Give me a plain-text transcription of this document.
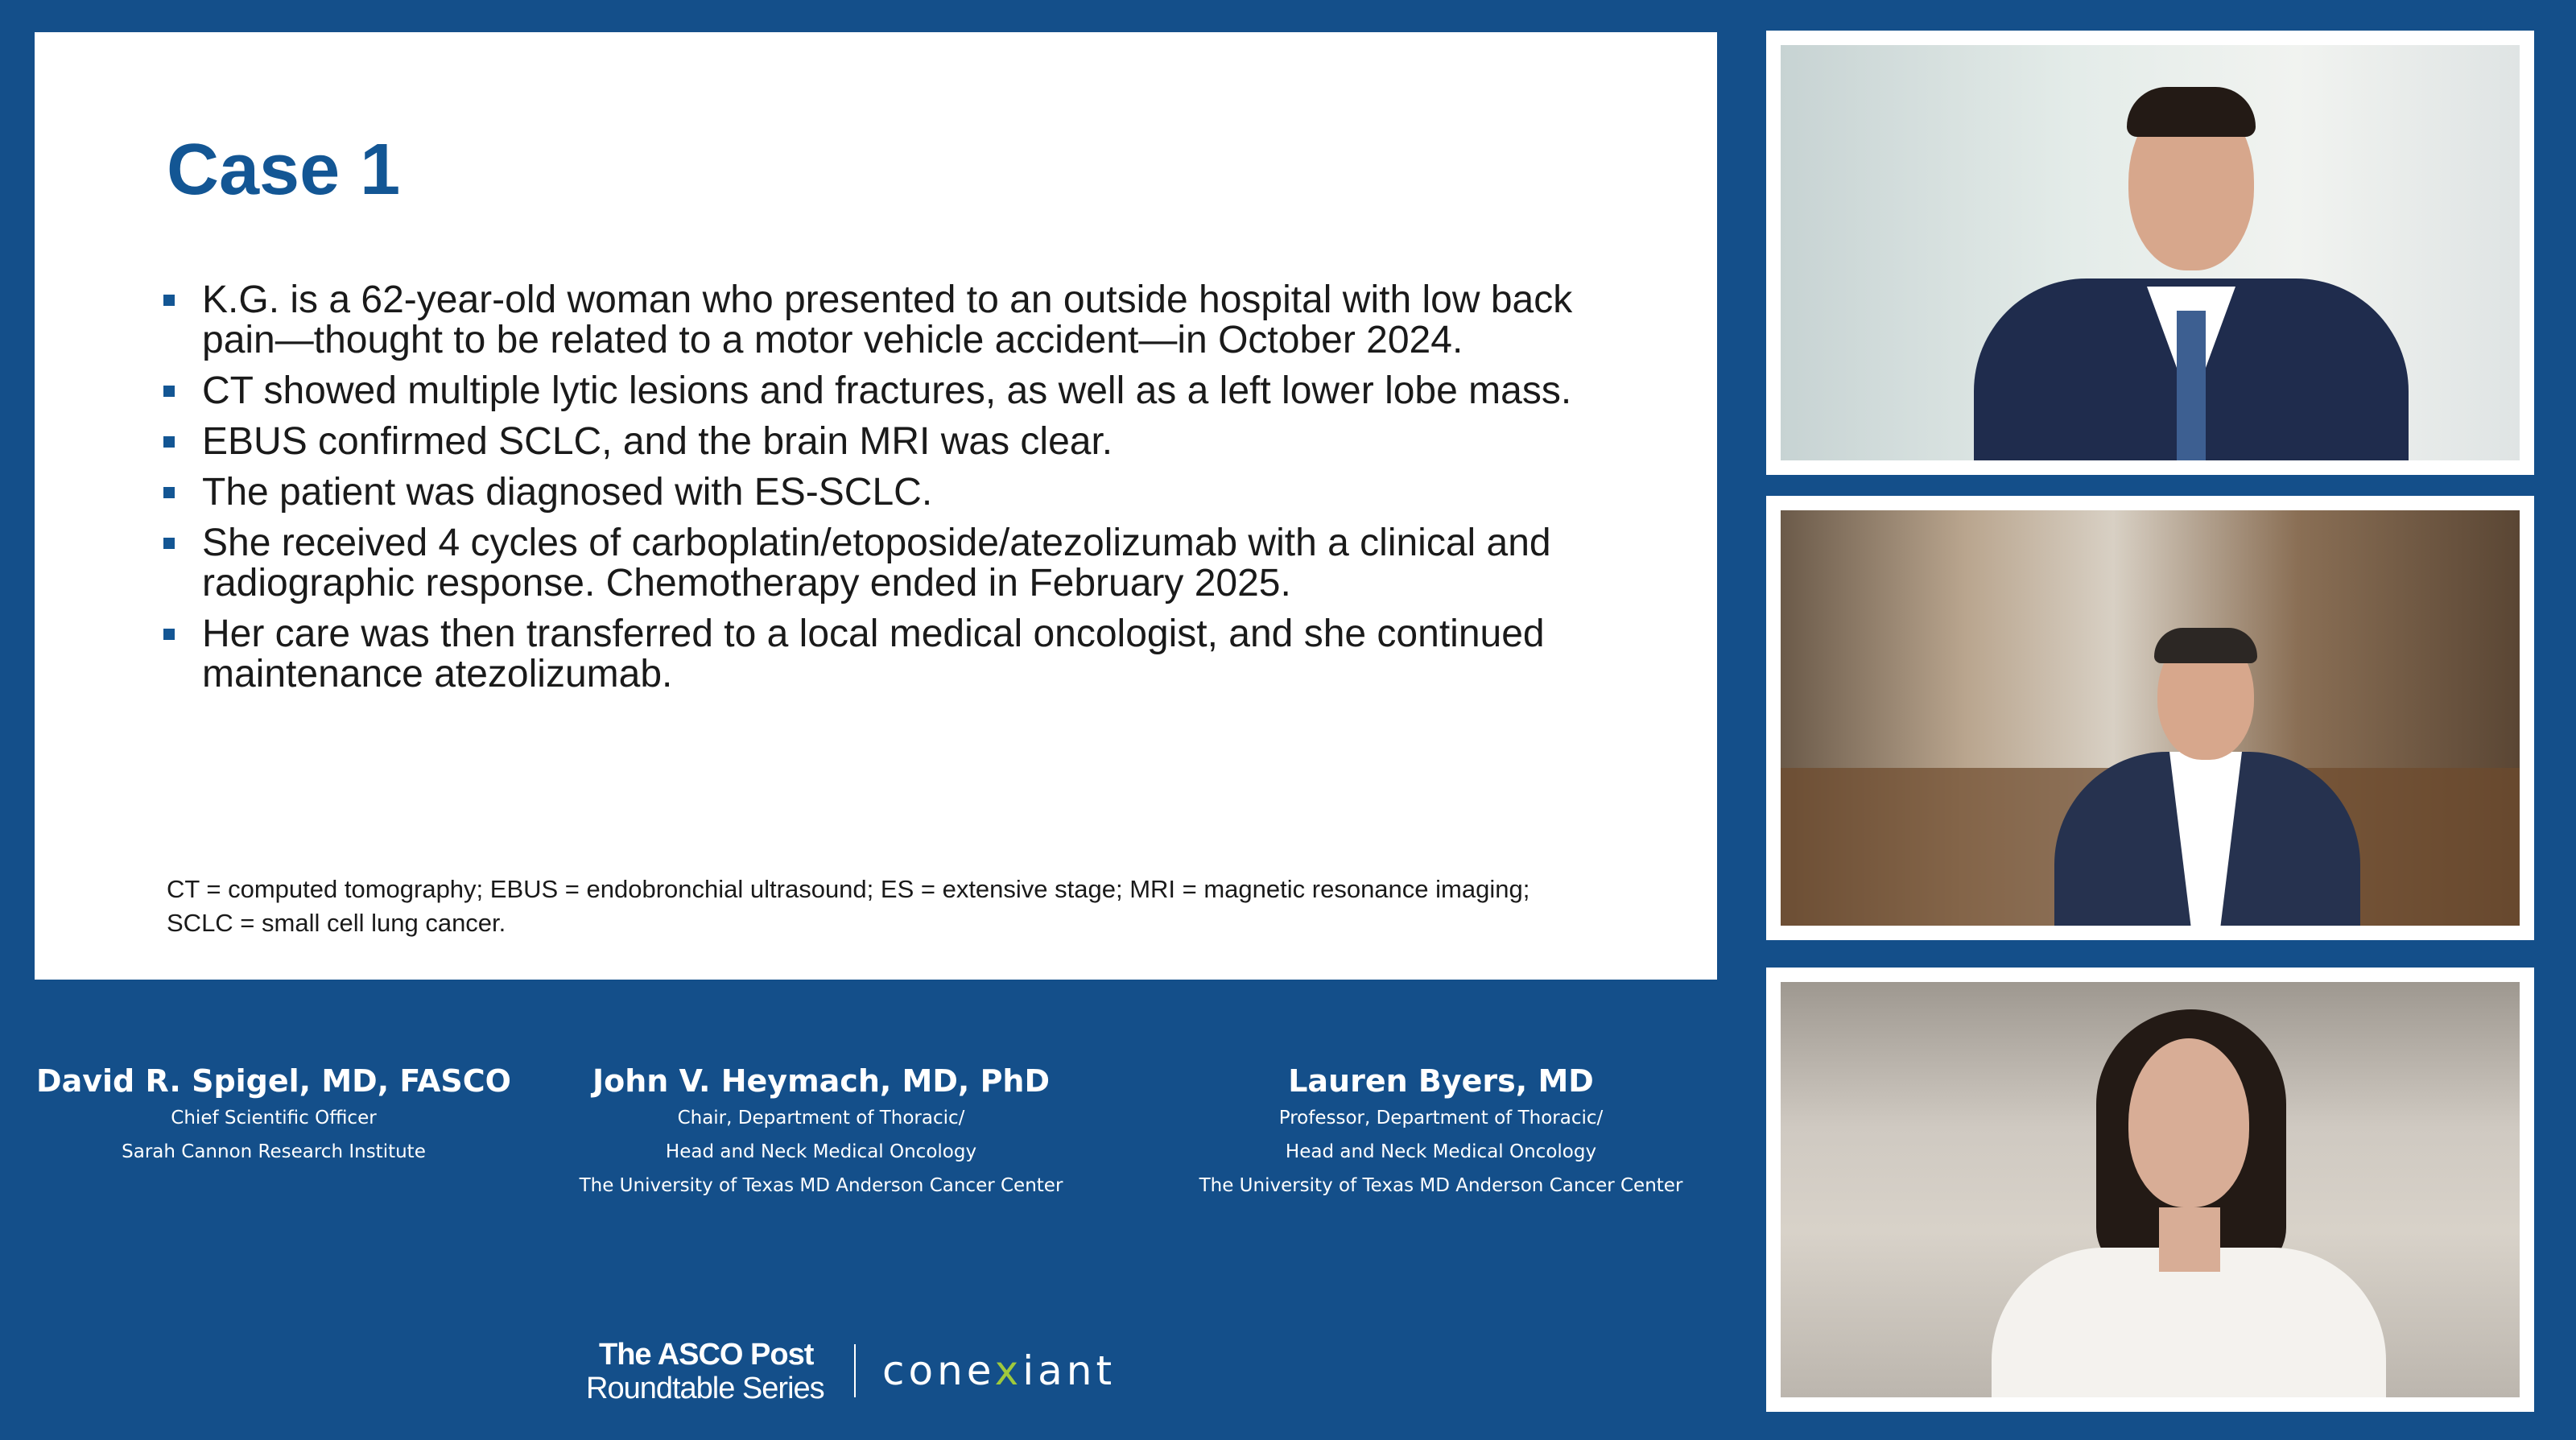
Case 1
K.G. is a 62-year-old woman who presented to an outside hospital with low back pain—thought to be related to a motor vehicle accident—in October 2024.
CT showed multiple lytic lesions and fractures, as well as a left lower lobe mass.
EBUS confirmed SCLC, and the brain MRI was clear.
The patient was diagnosed with ES-SCLC.
She received 4 cycles of carboplatin/etoposide/atezolizumab with a clinical and radiographic response. Chemotherapy ended in February 2025.
Her care was then transferred to a local medical oncologist, and she continued maintenance atezolizumab.
CT = computed tomography; EBUS = endobronchial ultrasound; ES = extensive stage; MRI = magnetic resonance imaging; SCLC = small cell lung cancer.
David R. Spigel, MD, FASCO
Chief Scientific Officer
Sarah Cannon Research Institute
John V. Heymach, MD, PhD
Chair, Department of Thoracic/
Head and Neck Medical Oncology
The University of Texas MD Anderson Cancer Center
Lauren Byers, MD
Professor, Department of Thoracic/
Head and Neck Medical Oncology
The University of Texas MD Anderson Cancer Center
The ASCO Post
Roundtable Series conexiant
